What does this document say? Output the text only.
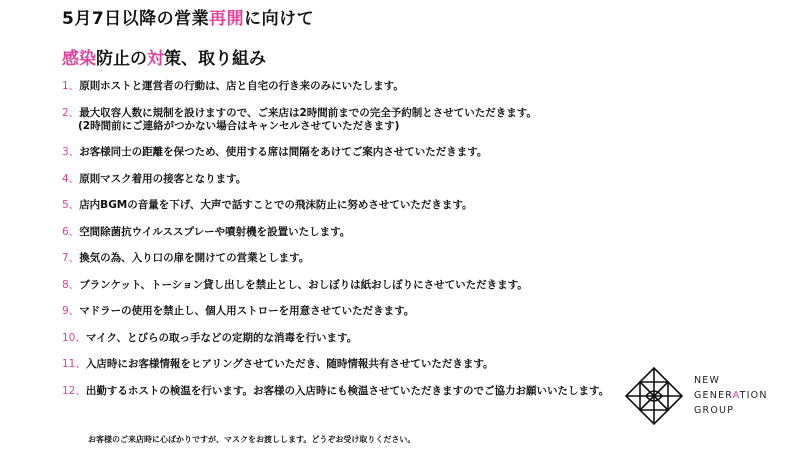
5月7日以降の営業再開に向けて
感染防止の対策、取り組み
1、原則ホストと運営者の行動は、店と自宅の行き来のみにいたします。
2、最大収容人数に規制を設けますので、ご来店は2時間前までの完全予約制とさせていただきます。
(2時間前にご連絡がつかない場合はキャンセルさせていただきます)
3、お客様同士の距離を保つため、使用する席は間隔をあけてご案内させていただきます。
4、原則マスク着用の接客となります。
5、店内BGMの音量を下げ、大声で話すことでの飛沫防止に努めさせていただきます。
6、空間除菌抗ウイルススプレーや噴射機を設置いたします。
7、換気の為、入り口の扉を開けての営業とします。
8、ブランケット、トーション貸し出しを禁止とし、おしぼりは紙おしぼりにさせていただきます。
9、マドラーの使用を禁止し、個人用ストローを用意させていただきます。
10、マイク、とびらの取っ手などの定期的な消毒を行います。
11、入店時にお客様情報をヒアリングさせていただき、随時情報共有させていただきます。
12、出勤するホストの検温を行います。お客様の入店時にも検温させていただきますのでご協力お願いいたします。
お客様のご来店時に心ばかりですが、マスクをお渡しします。どうぞお受け取りください。
NEW
GENERATION
GROUP
